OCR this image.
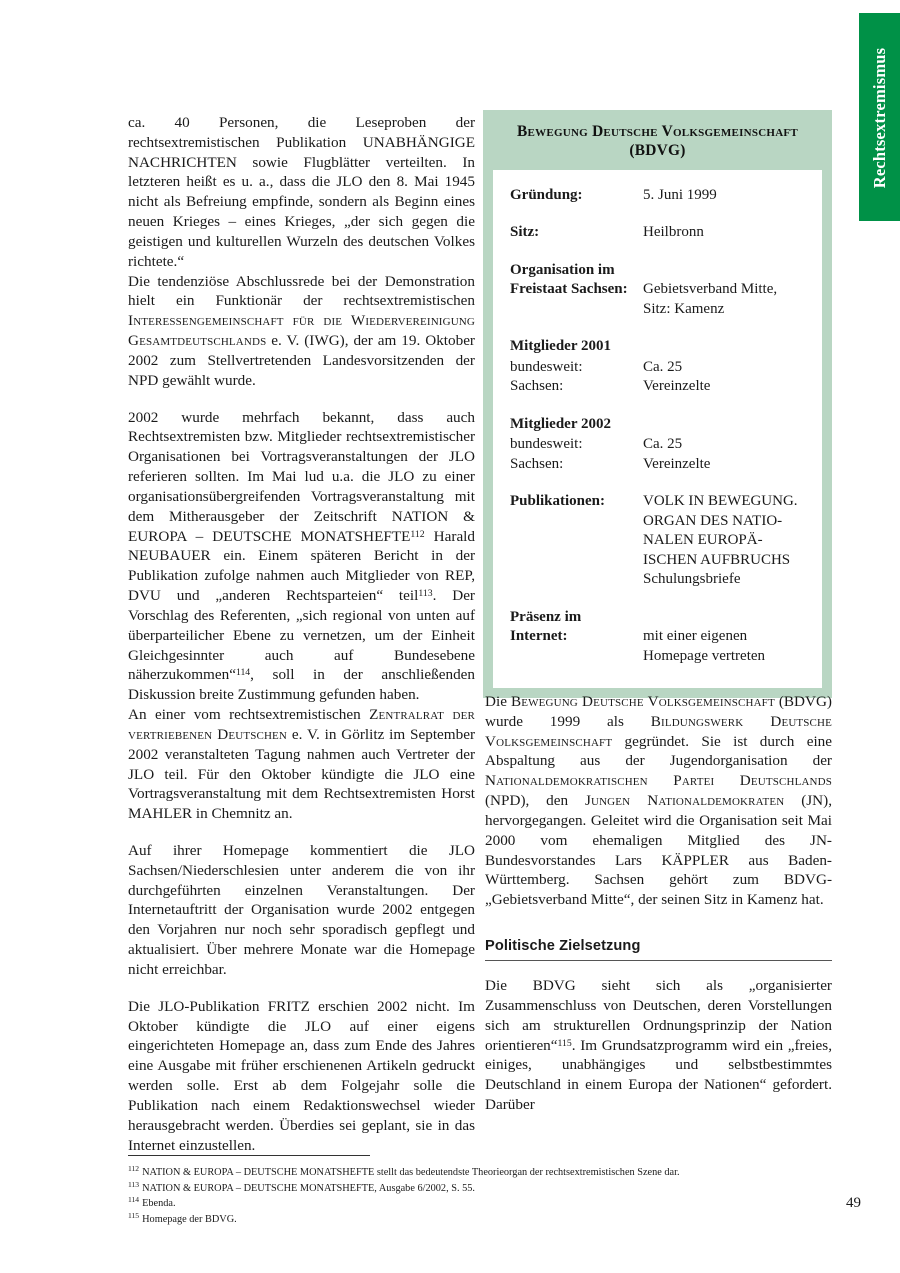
Rechtsextremismus

ca. 40 Personen, die Leseproben der rechtsextremistischen Publikation UNABHÄNGIGE NACHRICHTEN sowie Flugblätter verteilten. In letzteren heißt es u. a., dass die JLO den 8. Mai 1945 nicht als Befreiung empfinde, sondern als Beginn eines neuen Krieges – eines Krieges, „der sich gegen die geistigen und kulturellen Wurzeln des deutschen Volkes richtete.“

Die tendenziöse Abschlussrede bei der Demonstration hielt ein Funktionär der rechtsextremistischen Interessengemeinschaft für die Wiedervereinigung Gesamtdeutschlands e. V. (IWG), der am 19. Oktober 2002 zum Stellvertretenden Landesvorsitzenden der NPD gewählt wurde.

2002 wurde mehrfach bekannt, dass auch Rechtsextremisten bzw. Mitglieder rechtsextremistischer Organisationen bei Vortragsveranstaltungen der JLO referieren sollten. Im Mai lud u.a. die JLO zu einer organisationsübergreifenden Vortragsveranstaltung mit dem Mitherausgeber der Zeitschrift NATION & EUROPA – DEUTSCHE MONATSHEFTE$^{112}$ Harald NEUBAUER ein. Einem späteren Bericht in der Publikation zufolge nahmen auch Mitglieder von REP, DVU und „anderen Rechtsparteien“ teil$^{113}$. Der Vorschlag des Referenten, „sich regional von unten auf überparteilicher Ebene zu vernetzen, um der Einheit Gleichgesinnter auch auf Bundesebene näherzukommen“$^{114}$, soll in der anschließenden Diskussion breite Zustimmung gefunden haben.

An einer vom rechtsextremistischen Zentralrat der vertriebenen Deutschen e. V. in Görlitz im September 2002 veranstalteten Tagung nahmen auch Vertreter der JLO teil. Für den Oktober kündigte die JLO eine Vortragsveranstaltung mit dem Rechtsextremisten Horst MAHLER in Chemnitz an.

Auf ihrer Homepage kommentiert die JLO Sachsen/Niederschlesien unter anderem die von ihr durchgeführten einzelnen Veranstaltungen. Der Internetauftritt der Organisation wurde 2002 entgegen den Vorjahren nur noch sehr sporadisch gepflegt und aktualisiert. Über mehrere Monate war die Homepage nicht erreichbar.

Die JLO-Publikation FRITZ erschien 2002 nicht. Im Oktober kündigte die JLO auf einer eigens eingerichteten Homepage an, dass zum Ende des Jahres eine Ausgabe mit früher erschienenen Artikeln gedruckt werden solle. Erst ab dem Folgejahr solle die Publikation nach einem Redaktionswechsel wieder herausgebracht werden. Überdies sei geplant, sie in das Internet einzustellen.

Bewegung Deutsche Volksgemeinschaft
(BDVG)
Gründung:	5. Juni 1999
Sitz:	Heilbronn
Organisation im
Freistaat Sachsen:	Gebietsverband Mitte,
Sitz: Kamenz
Mitglieder 2001
bundesweit:	Ca. 25
Sachsen:	Vereinzelte
Mitglieder 2002
bundesweit:	Ca. 25
Sachsen:	Vereinzelte
Publikationen:	VOLK IN BEWEGUNG.
ORGAN DES NATIO-
NALEN EUROPÄ-
ISCHEN AUFBRUCHS
Schulungsbriefe
Präsenz im
Internet:	mit einer eigenen
Homepage vertreten

Die Bewegung Deutsche Volksgemeinschaft (BDVG) wurde 1999 als Bildungswerk Deutsche Volksgemeinschaft gegründet. Sie ist durch eine Abspaltung aus der Jugendorganisation der Nationaldemokratischen Partei Deutschlands (NPD), den Jungen Nationaldemokraten (JN), hervorgegangen. Geleitet wird die Organisation seit Mai 2000 vom ehemaligen Mitglied des JN-Bundesvorstandes Lars KÄPPLER aus Baden-Württemberg. Sachsen gehört zum BDVG-„Gebietsverband Mitte“, der seinen Sitz in Kamenz hat.

Politische Zielsetzung

Die BDVG sieht sich als „organisierter Zusammenschluss von Deutschen, deren Vorstellungen sich am strukturellen Ordnungsprinzip der Nation orientieren“$^{115}$. Im Grundsatzprogramm wird ein „freies, einiges, unabhängiges und selbstbestimmtes Deutschland in einem Europa der Nationen“ gefordert. Darüber

$^{112}$ NATION & EUROPA – DEUTSCHE MONATSHEFTE stellt das bedeutendste Theorieorgan der rechtsextremistischen Szene dar.
$^{113}$ NATION & EUROPA – DEUTSCHE MONATSHEFTE, Ausgabe 6/2002, S. 55.
$^{114}$ Ebenda.
$^{115}$ Homepage der BDVG.
49
